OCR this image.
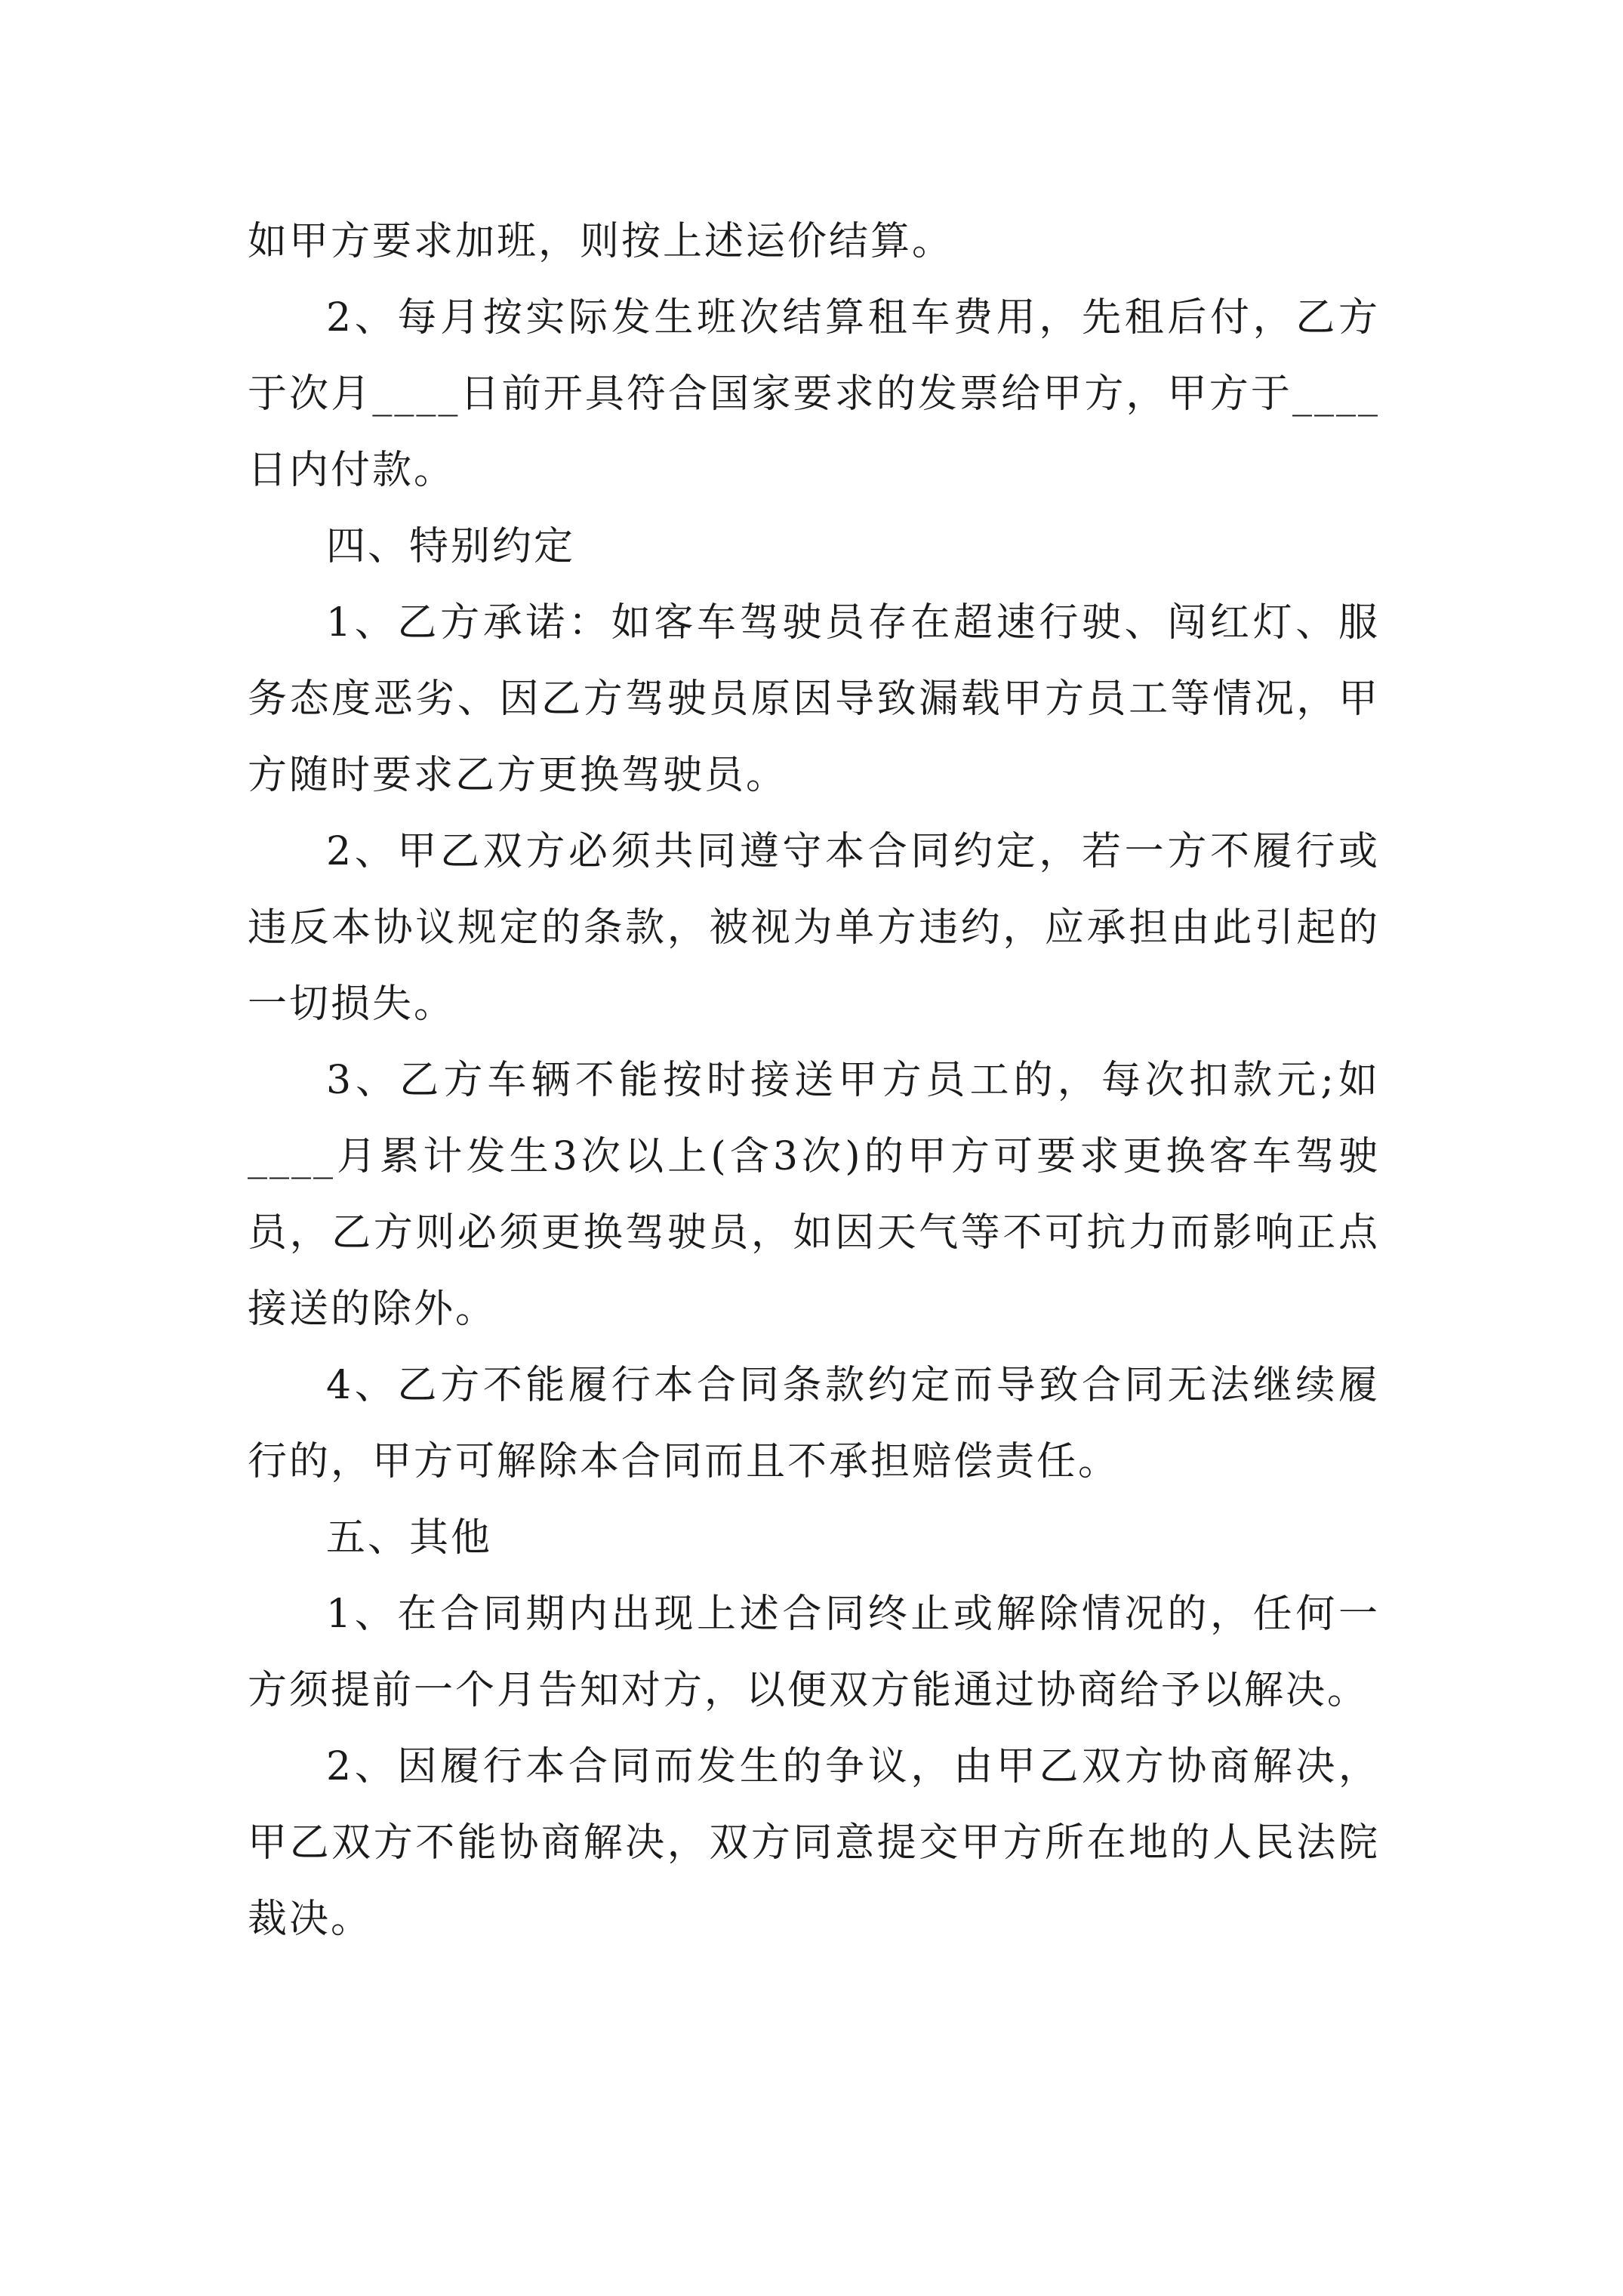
如甲方要求加班，则按上述运价结算。

2、每月按实际发生班次结算租车费用，先租后付，乙方于次月____日前开具符合国家要求的发票给甲方，甲方于____日内付款。

四、特别约定

1、乙方承诺：如客车驾驶员存在超速行驶、闯红灯、服务态度恶劣、因乙方驾驶员原因导致漏载甲方员工等情况，甲方随时要求乙方更换驾驶员。

2、甲乙双方必须共同遵守本合同约定，若一方不履行或违反本协议规定的条款，被视为单方违约，应承担由此引起的一切损失。

3、乙方车辆不能按时接送甲方员工的，每次扣款元;如____月累计发生3次以上(含3次)的甲方可要求更换客车驾驶员，乙方则必须更换驾驶员，如因天气等不可抗力而影响正点接送的除外。

4、乙方不能履行本合同条款约定而导致合同无法继续履行的，甲方可解除本合同而且不承担赔偿责任。

五、其他

1、在合同期内出现上述合同终止或解除情况的，任何一方须提前一个月告知对方，以便双方能通过协商给予以解决。

2、因履行本合同而发生的争议，由甲乙双方协商解决，甲乙双方不能协商解决，双方同意提交甲方所在地的人民法院裁决。
